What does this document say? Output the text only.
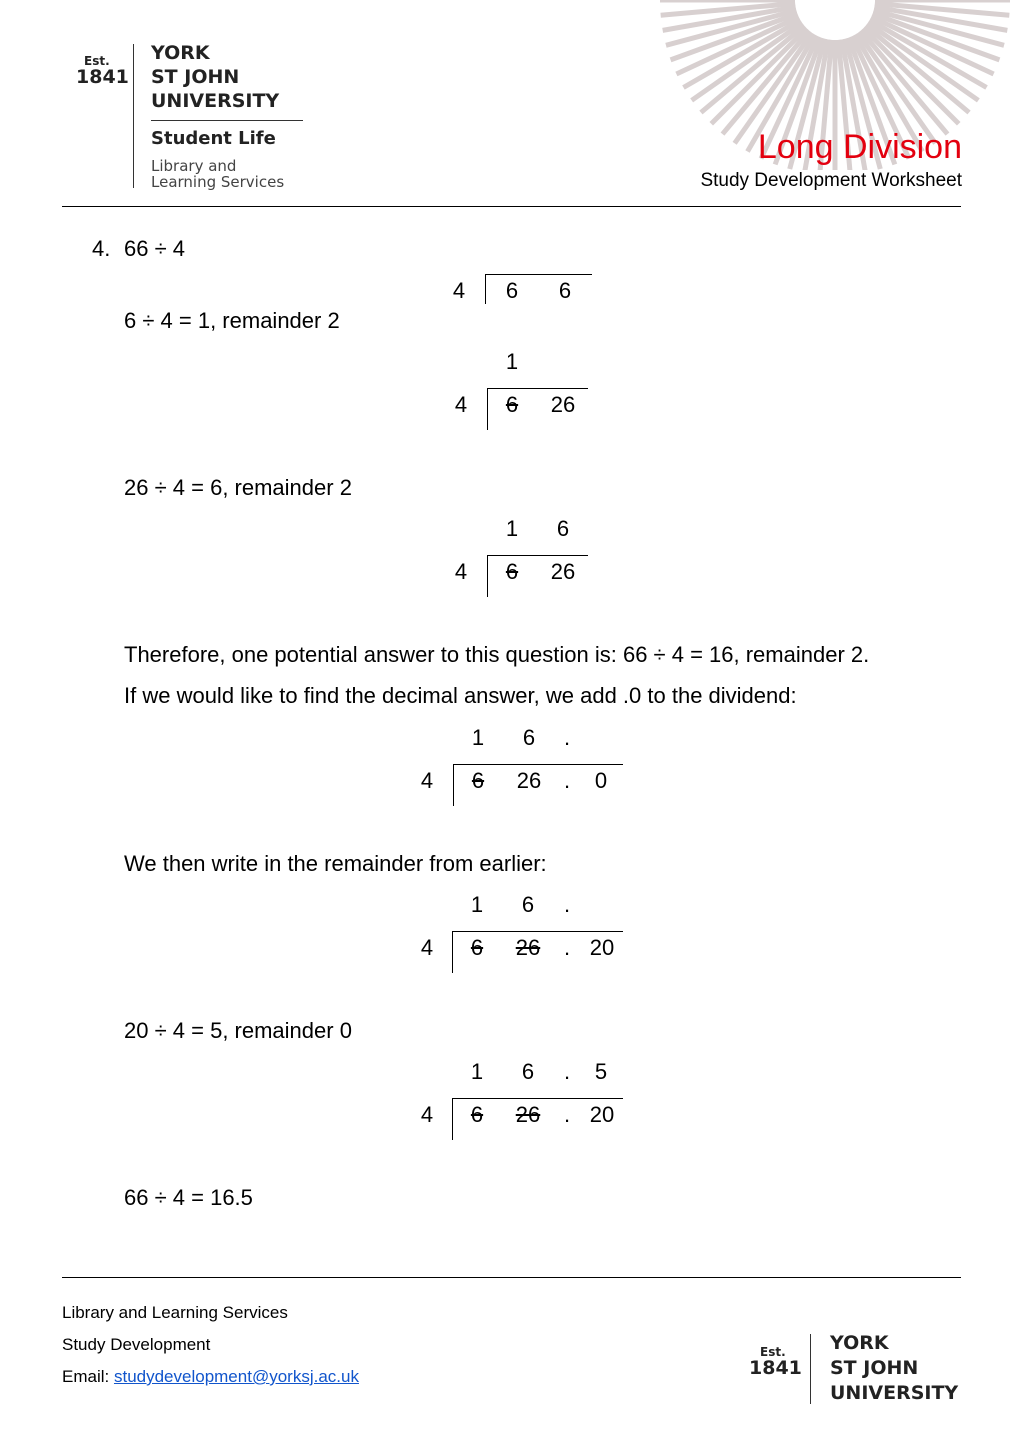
Est.
1841
YORK
ST JOHN
UNIVERSITY
Student Life
Library and
Learning Services
Long Division
Study Development Worksheet
4. 66 ÷ 4
4	6	6
6 ÷ 4 = 1, remainder 2
1
4	6	26
26 ÷ 4 = 6, remainder 2
1	6
4	6	26
Therefore, one potential answer to this question is: 66 ÷ 4 = 16, remainder 2.
If we would like to find the decimal answer, we add .0 to the dividend:
1	6	.
4	6	26	.	0
We then write in the remainder from earlier:
1	6	.
4	6	26	. 20
20 ÷ 4 = 5, remainder 0
1	6	.	5
4	6	26	. 20
66 ÷ 4 = 16.5
Library and Learning Services
Study Development
Email: studydevelopment@yorksj.ac.uk
Est.
1841
YORK
ST JOHN
UNIVERSITY
